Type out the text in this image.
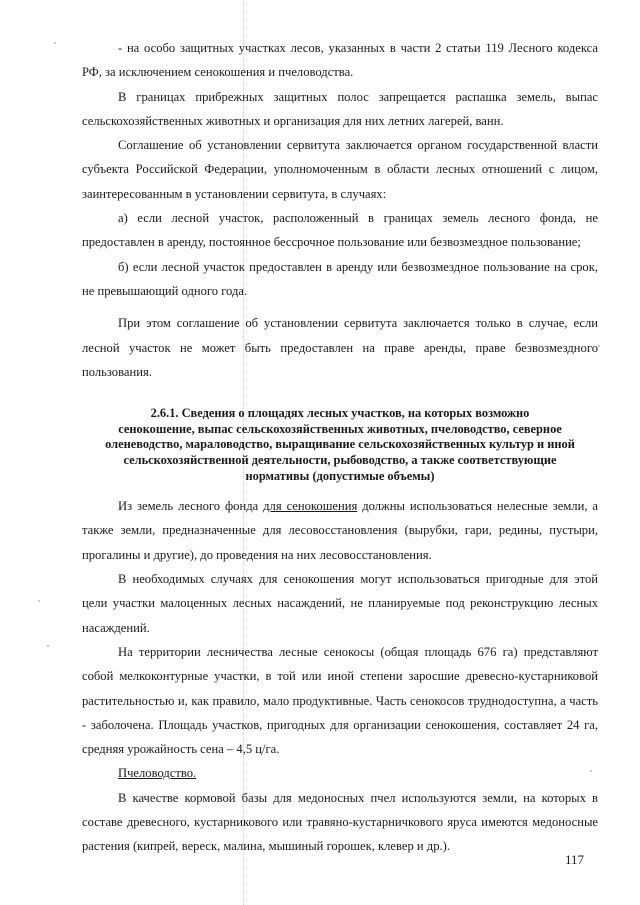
- на особо защитных участках лесов, указанных в части 2 статьи 119 Лесного кодекса РФ, за исключением сенокошения и пчеловодства.

В границах прибрежных защитных полос запрещается распашка земель, выпас сельскохозяйственных животных и организация для них летних лагерей, ванн.

Соглашение об установлении сервитута заключается органом государственной власти субъекта Российской Федерации, уполномоченным в области лесных отношений с лицом, заинтересованным в установлении сервитута, в случаях:

а) если лесной участок, расположенный в границах земель лесного фонда, не предоставлен в аренду, постоянное бессрочное пользование или безвозмездное пользование;

б) если лесной участок предоставлен в аренду или безвозмездное пользование на срок, не превышающий одного года.

При этом соглашение об установлении сервитута заключается только в случае, если лесной участок не может быть предоставлен на праве аренды, праве безвозмездного пользования.

2.6.1. Сведения о площадях лесных участков, на которых возможно
сенокошение, выпас сельскохозяйственных животных, пчеловодство, северное
оленеводство, мараловодство, выращивание сельскохозяйственных культур и иной
сельскохозяйственной деятельности, рыбоводство, а также соответствующие
нормативы (допустимые объемы)

Из земель лесного фонда для сенокошения должны использоваться нелесные земли, а также земли, предназначенные для лесовосстановления (вырубки, гари, редины, пустыри, прогалины и другие), до проведения на них лесовосстановления.

В необходимых случаях для сенокошения могут использоваться пригодные для этой цели участки малоценных лесных насаждений, не планируемые под реконструкцию лесных насаждений.

На территории лесничества лесные сенокосы (общая площадь 676 га) представляют собой мелкоконтурные участки, в той или иной степени заросшие древесно-кустарниковой растительностью и, как правило, мало продуктивные. Часть сенокосов труднодоступна, а часть - заболочена. Площадь участков, пригодных для организации сенокошения, составляет 24 га, средняя урожайность сена – 4,5 ц/га.

Пчеловодство.

В качестве кормовой базы для медоносных пчел используются земли, на которых в составе древесного, кустарникового или травяно-кустарничкового яруса имеются медоносные растения (кипрей, вереск, малина, мышиный горошек, клевер и др.).

117
